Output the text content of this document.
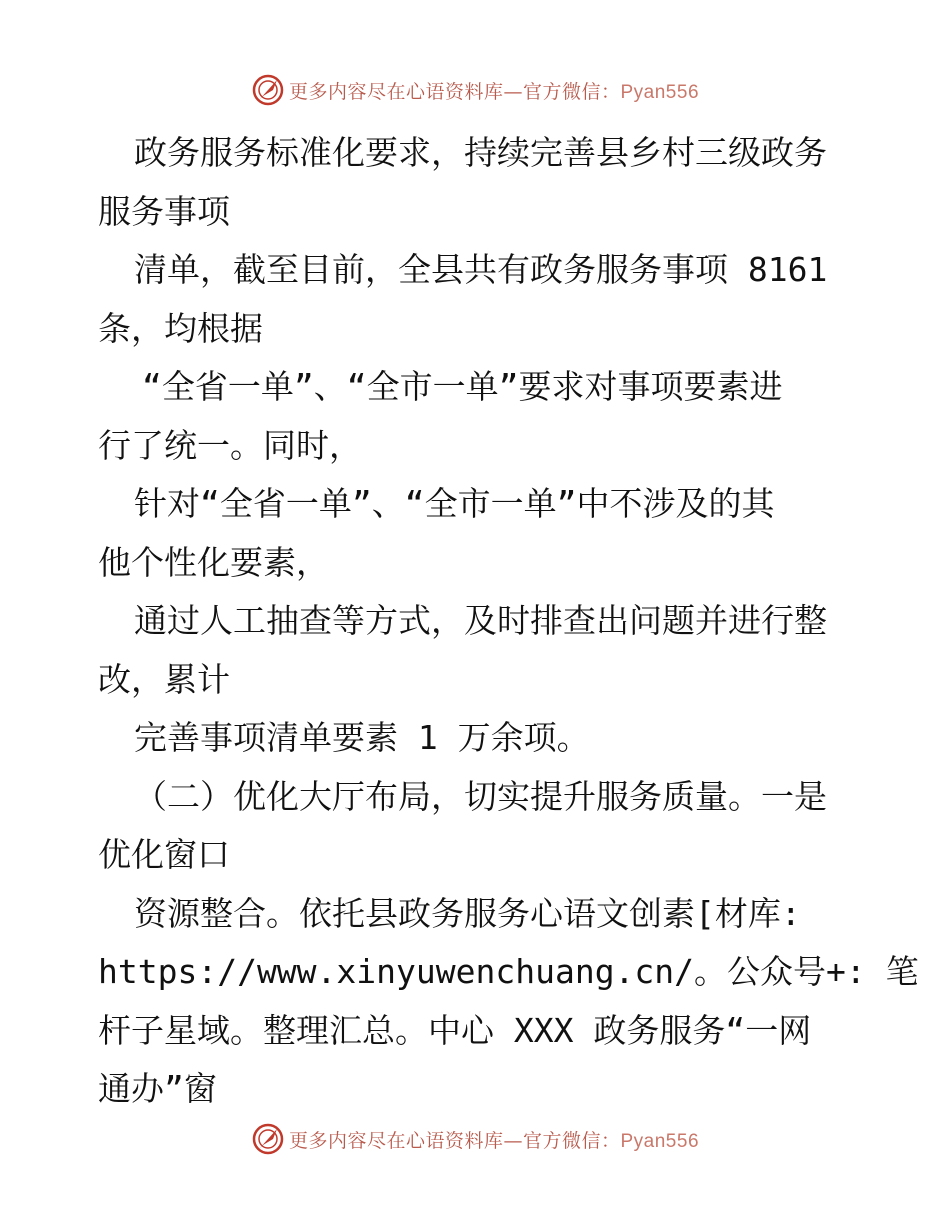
更多内容尽在心语资料库—官方微信：Pyan556
政务服务标准化要求，持续完善县乡村三级政务
服务事项
清单，截至目前，全县共有政务服务事项 8161
条，均根据
“全省一单”、“全市一单”要求对事项要素进
行了统一。同时，
针对“全省一单”、“全市一单”中不涉及的其
他个性化要素，
通过人工抽查等方式，及时排查出问题并进行整
改，累计
完善事项清单要素 1 万余项。
（二）优化大厅布局，切实提升服务质量。一是
优化窗口
资源整合。依托县政务服务心语文创素[材库:
https://www.xinyuwenchuang.cn/。公众号+: 笔
杆子星域。整理汇总。中心 XXX 政务服务“一网
通办”窗
更多内容尽在心语资料库—官方微信：Pyan556
